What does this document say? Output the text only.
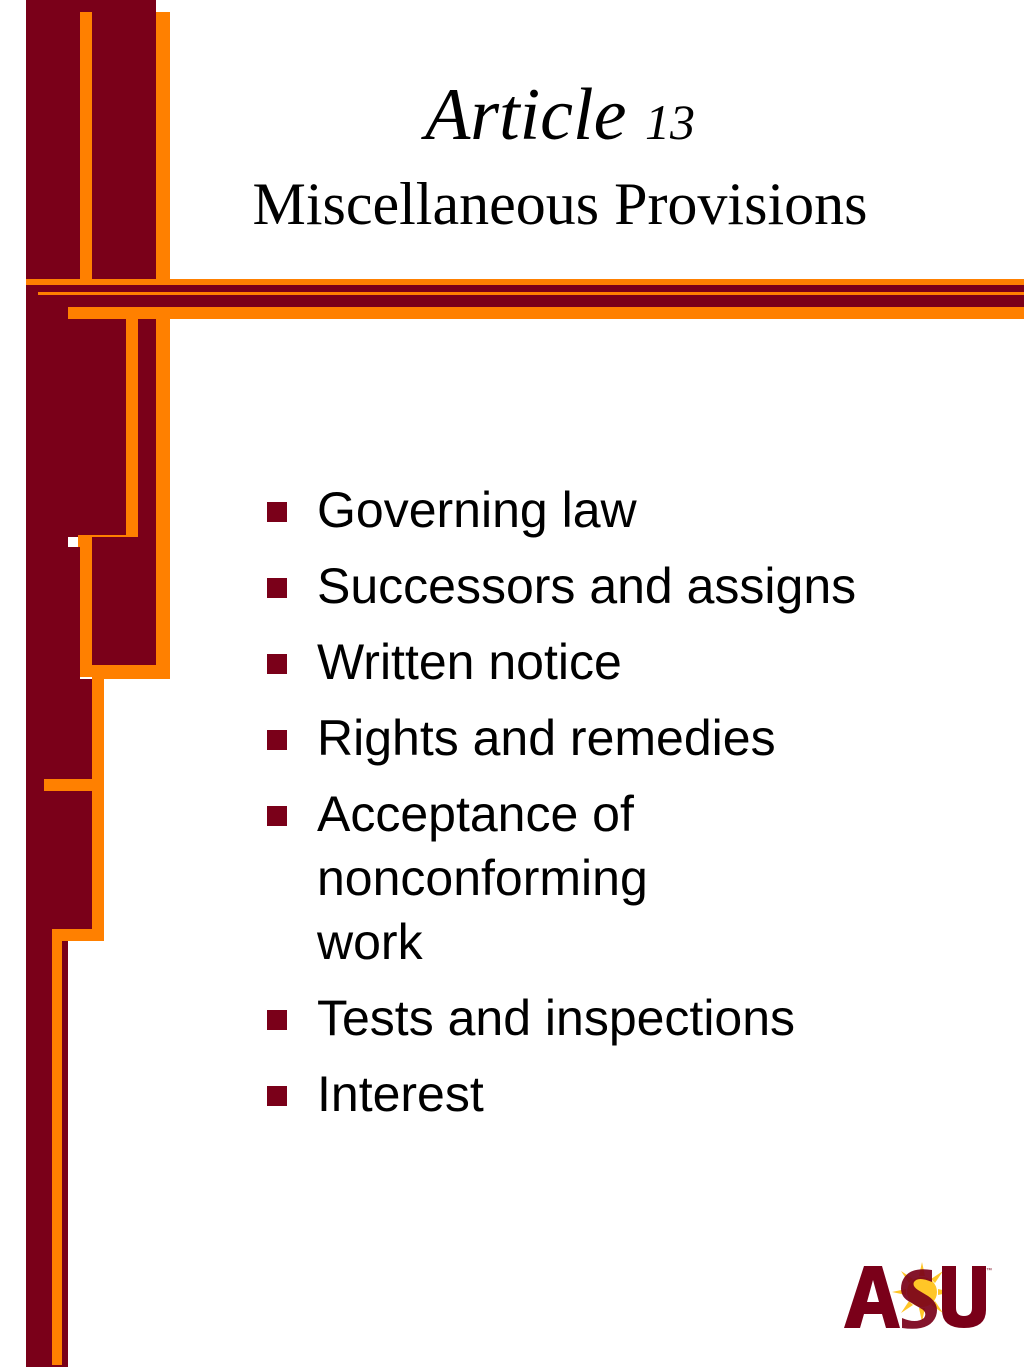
Article 13
Miscellaneous Provisions
Governing law
Successors and assigns
Written notice
Rights and remedies
Acceptance of nonconforming work
Tests and inspections
Interest
™
